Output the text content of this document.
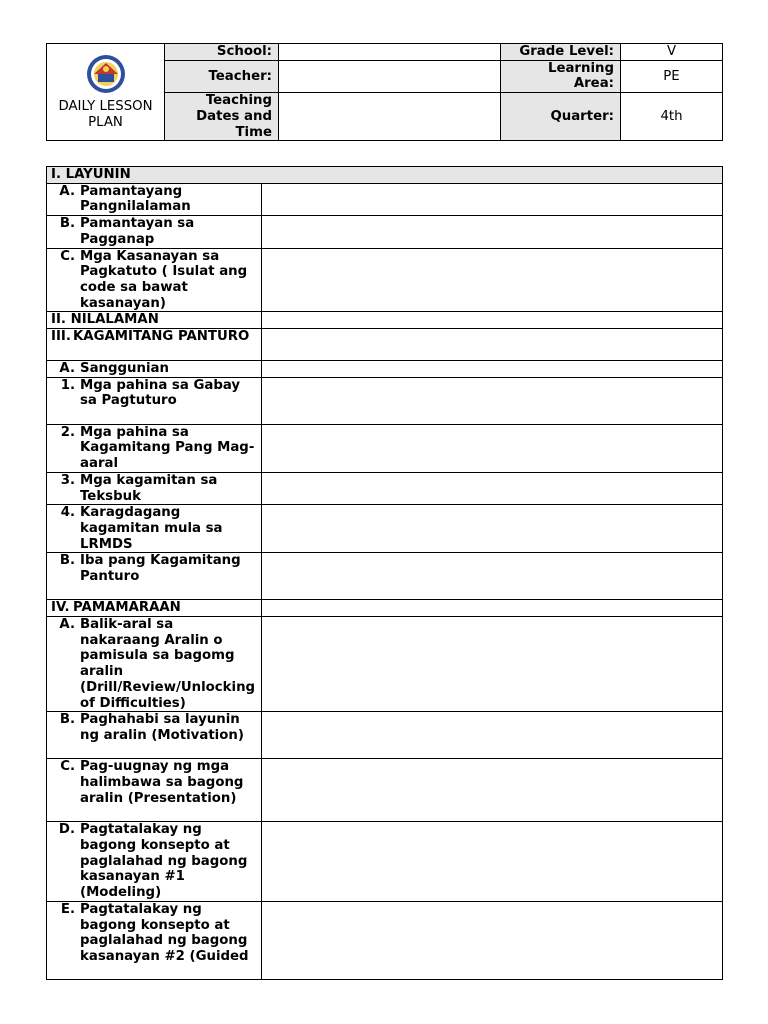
DAILY LESSON PLAN	School:		Grade Level:	V
	Teacher:		Learning Area:	PE
	Teaching Dates and Time		Quarter:	4th
I. LAYUNIN	

A. Pamantayang Pangnilalaman	

B. Pamantayan sa Pagganap	

C. Mga Kasanayan sa Pagkatuto ( Isulat ang code sa bawat kasanayan)	

II. NILALAMAN	

III. KAGAMITANG PANTURO	

A. Sanggunian	

1. Mga pahina sa Gabay sa Pagtuturo	

2. Mga pahina sa Kagamitang Pang Mag-aaral	

3. Mga kagamitan sa Teksbuk	

4. Karagdagang kagamitan mula sa LRMDS	

B. Iba pang Kagamitang Panturo	

IV. PAMAMARAAN	

A. Balik-aral sa nakaraang Aralin o pamisula sa bagomg aralin (Drill/Review/Unlocking of Difficulties)	

B. Paghahabi sa layunin ng aralin (Motivation)	

C. Pag-uugnay ng mga halimbawa sa bagong aralin (Presentation)	

D. Pagtatalakay ng bagong konsepto at paglalahad ng bagong kasanayan #1 (Modeling)	

E. Pagtatalakay ng bagong konsepto at paglalahad ng bagong kasanayan #2 (Guided	
